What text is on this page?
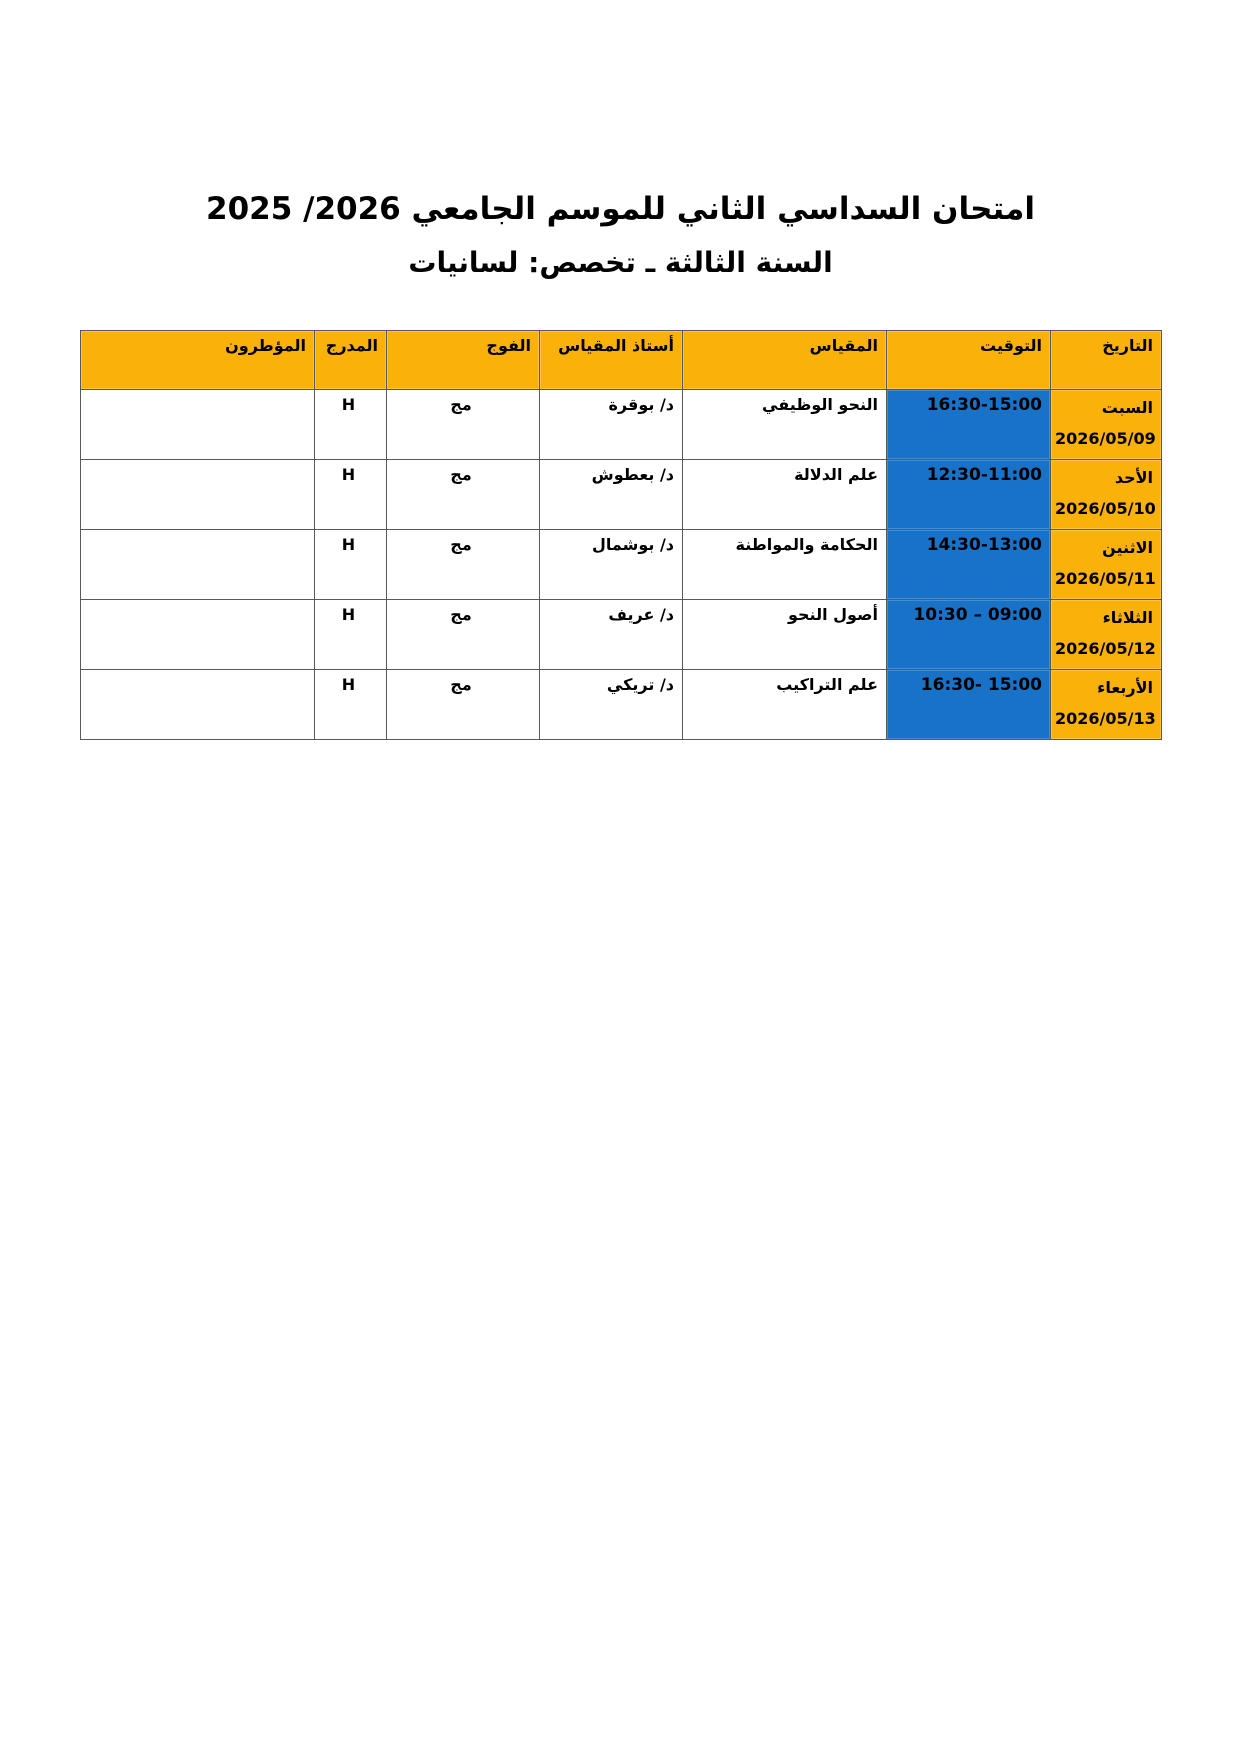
امتحان السداسي الثاني للموسم الجامعي 2026/ 2025
السنة الثالثة ـ تخصص: لسانيات
التاريخ	التوقيت	المقياس	أستاذ المقياس	الفوج	المدرج	المؤطرون

السبت
2026/05/09	16:30-15:00	النحو الوظيفي	د/ بوقرة	مج	H	

الأحد
2026/05/10	12:30-11:00	علم الدلالة	د/ بعطوش	مج	H	

الاثنين
2026/05/11	14:30-13:00	الحكامة والمواطنة	د/ بوشمال	مج	H	

الثلاثاء
2026/05/12	10:30 – 09:00	أصول النحو	د/ عريف	مج	H	

الأربعاء
2026/05/13	16:30- 15:00	علم التراكيب	د/ تريكي	مج	H	
